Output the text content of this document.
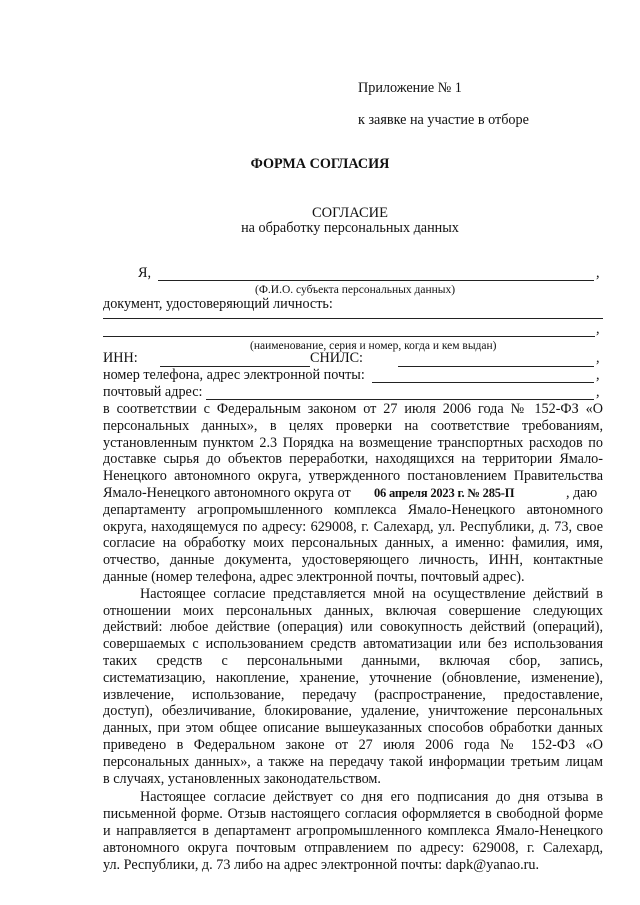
Приложение № 1
к заявке на участие в отборе
ФОРМА СОГЛАСИЯ
СОГЛАСИЕ
на обработку персональных данных
Я,	,
(Ф.И.О. субъекта персональных данных)
документ, удостоверяющий личность:
,
(наименование, серия и номер, когда и кем выдан)
ИНН:	СНИЛС:	,
номер телефона, адрес электронной почты:	,
почтовый адрес:	,

в соответствии с Федеральным законом от 27 июля 2006 года № 152-ФЗ «О

персональных данных», в целях проверки на соответствие требованиям,

установленным пунктом 2.3 Порядка на возмещение транспортных расходов по

доставке сырья до объектов переработки, находящихся на территории Ямало-

Ненецкого автономного округа, утвержденного постановлением Правительства

Ямало-Ненецкого автономного округа от 06 апреля 2023 г. № 285-П	, даю

департаменту агропромышленного комплекса Ямало-Ненецкого автономного

округа, находящемуся по адресу: 629008, г. Салехард, ул. Республики, д. 73, свое

согласие на обработку моих персональных данных, а именно: фамилия, имя,

отчество, данные документа, удостоверяющего личность, ИНН, контактные

данные (номер телефона, адрес электронной почты, почтовый адрес).

Настоящее согласие представляется мной на осуществление действий в

отношении моих персональных данных, включая совершение следующих

действий: любое действие (операция) или совокупность действий (операций),

совершаемых с использованием средств автоматизации или без использования

таких средств с персональными данными, включая сбор, запись,

систематизацию, накопление, хранение, уточнение (обновление, изменение),

извлечение, использование, передачу (распространение, предоставление,

доступ), обезличивание, блокирование, удаление, уничтожение персональных

данных, при этом общее описание вышеуказанных способов обработки данных

приведено в Федеральном законе от 27 июля 2006 года № 152-ФЗ «О

персональных данных», а также на передачу такой информации третьим лицам

в случаях, установленных законодательством.

Настоящее согласие действует со дня его подписания до дня отзыва в

письменной форме. Отзыв настоящего согласия оформляется в свободной форме

и направляется в департамент агропромышленного комплекса Ямало-Ненецкого

автономного округа почтовым отправлением по адресу: 629008, г. Салехард,

ул. Республики, д. 73 либо на адрес электронной почты: dapk@yanao.ru.
